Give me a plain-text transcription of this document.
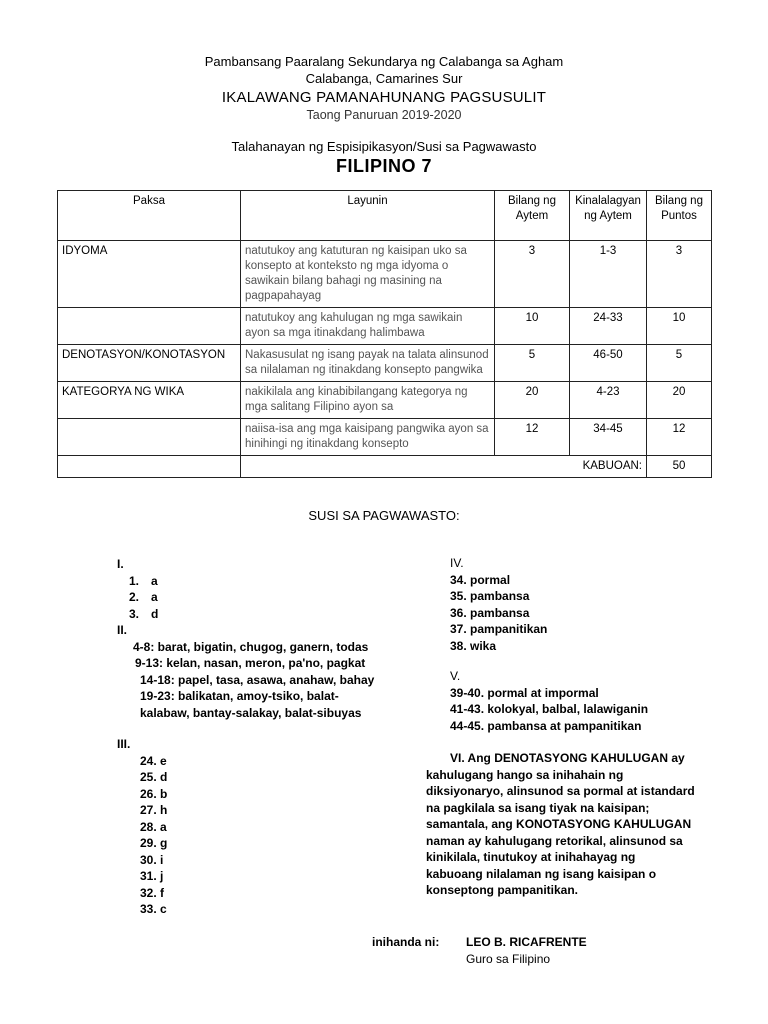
Pambansang Paaralang Sekundarya ng Calabanga sa Agham
Calabanga, Camarines Sur
IKALAWANG PAMANAHUNANG PAGSUSULIT
Taong Panuruan 2019-2020
Talahanayan ng Espisipikasyon/Susi sa Pagwawasto
FILIPINO 7
Paksa	Layunin	Bilang ng Aytem	Kinalalagyan ng Aytem	Bilang ng Puntos
IDYOMA	natutukoy ang katuturan ng kaisipan uko sa konsepto at konteksto ng mga idyoma o sawikain bilang bahagi ng masining na pagpapahayag	3	1-3	3
	natutukoy ang kahulugan ng mga sawikain ayon sa mga itinakdang halimbawa	10	24-33	10
DENOTASYON/KONOTASYON	Nakasusulat ng isang payak na talata alinsunod sa nilalaman ng itinakdang konsepto pangwika	5	46-50	5
KATEGORYA NG WIKA	nakikilala ang kinabibilangang kategorya ng mga salitang Filipino ayon sa	20	4-23	20
	naiisa-isa ang mga kaisipang pangwika ayon sa hinihingi ng itinakdang konsepto	12	34-45	12
	KABUOAN:			50
SUSI SA PAGWAWASTO:
I.
1. a
2. a
3. d
II.
4-8: barat, bigatin, chugog, ganern, todas
9-13: kelan, nasan, meron, pa'no, pagkat
14-18: papel, tasa, asawa, anahaw, bahay
19-23: balikatan, amoy-tsiko, balat-
kalabaw, bantay-salakay, balat-sibuyas
III.
24. e
25. d
26. b
27. h
28. a
29. g
30. i
31. j
32. f
33. c
IV.
34. pormal
35. pambansa
36. pambansa
37. pampanitikan
38. wika
V.
39-40. pormal at impormal
41-43. kolokyal, balbal, lalawiganin
44-45. pambansa at pampanitikan
VI. Ang DENOTASYONG KAHULUGAN ay
kahulugang hango sa inihahain ng
diksiyonaryo, alinsunod sa pormal at istandard
na pagkilala sa isang tiyak na kaisipan;
samantala, ang KONOTASYONG KAHULUGAN
naman ay kahulugang retorikal, alinsunod sa
kinikilala, tinutukoy at inihahayag ng
kabuoang nilalaman ng isang kaisipan o
konseptong pampanitikan.
inihanda ni: LEO B. RICAFRENTE
Guro sa Filipino
